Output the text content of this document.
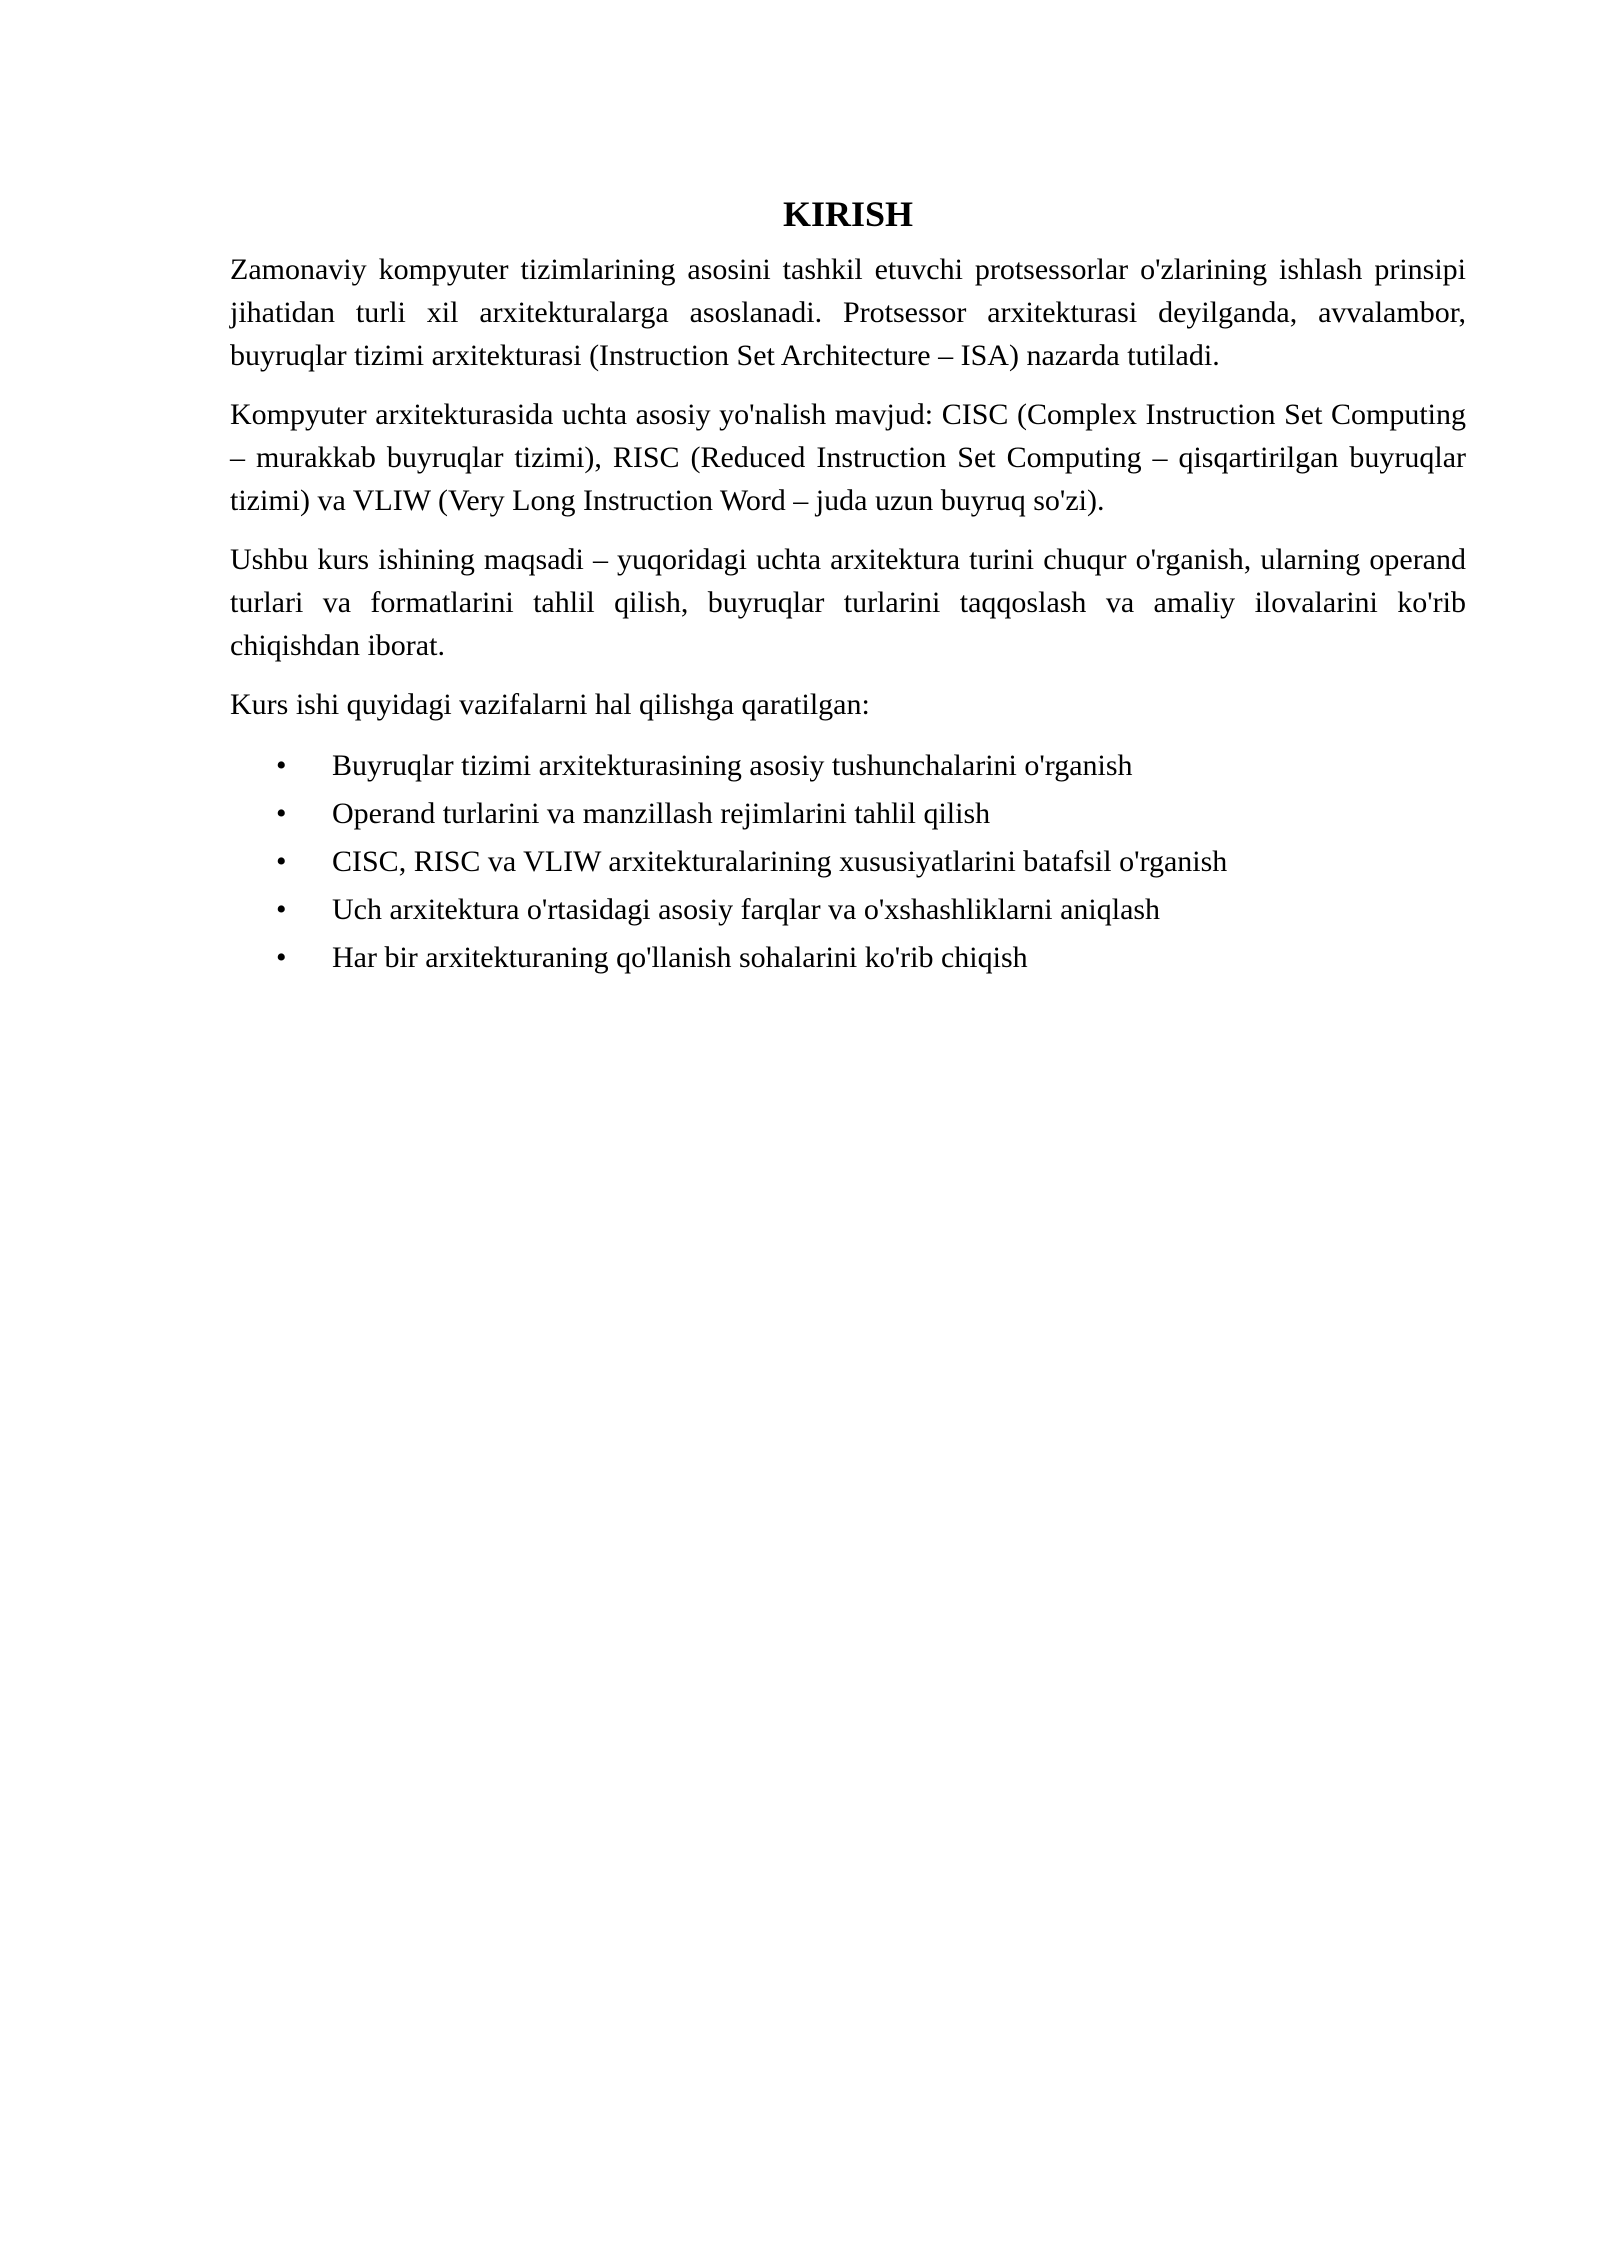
KIRISH

Zamonaviy kompyuter tizimlarining asosini tashkil etuvchi protsessorlar o'zlarining ishlash prinsipi jihatidan turli xil arxitekturalarga asoslanadi. Protsessor arxitekturasi deyilganda, avvalambor, buyruqlar tizimi arxitekturasi (Instruction Set Architecture – ISA) nazarda tutiladi.

Kompyuter arxitekturasida uchta asosiy yo'nalish mavjud: CISC (Complex Instruction Set Computing – murakkab buyruqlar tizimi), RISC (Reduced Instruction Set Computing – qisqartirilgan buyruqlar tizimi) va VLIW (Very Long Instruction Word – juda uzun buyruq so'zi).

Ushbu kurs ishining maqsadi – yuqoridagi uchta arxitektura turini chuqur o'rganish, ularning operand turlari va formatlarini tahlil qilish, buyruqlar turlarini taqqoslash va amaliy ilovalarini ko'rib chiqishdan iborat.

Kurs ishi quyidagi vazifalarni hal qilishga qaratilgan:

•	Buyruqlar tizimi arxitekturasining asosiy tushunchalarini o'rganish
•	Operand turlarini va manzillash rejimlarini tahlil qilish
•	CISC, RISC va VLIW arxitekturalarining xususiyatlarini batafsil o'rganish
•	Uch arxitektura o'rtasidagi asosiy farqlar va o'xshashliklarni aniqlash
•	Har bir arxitekturaning qo'llanish sohalarini ko'rib chiqish
